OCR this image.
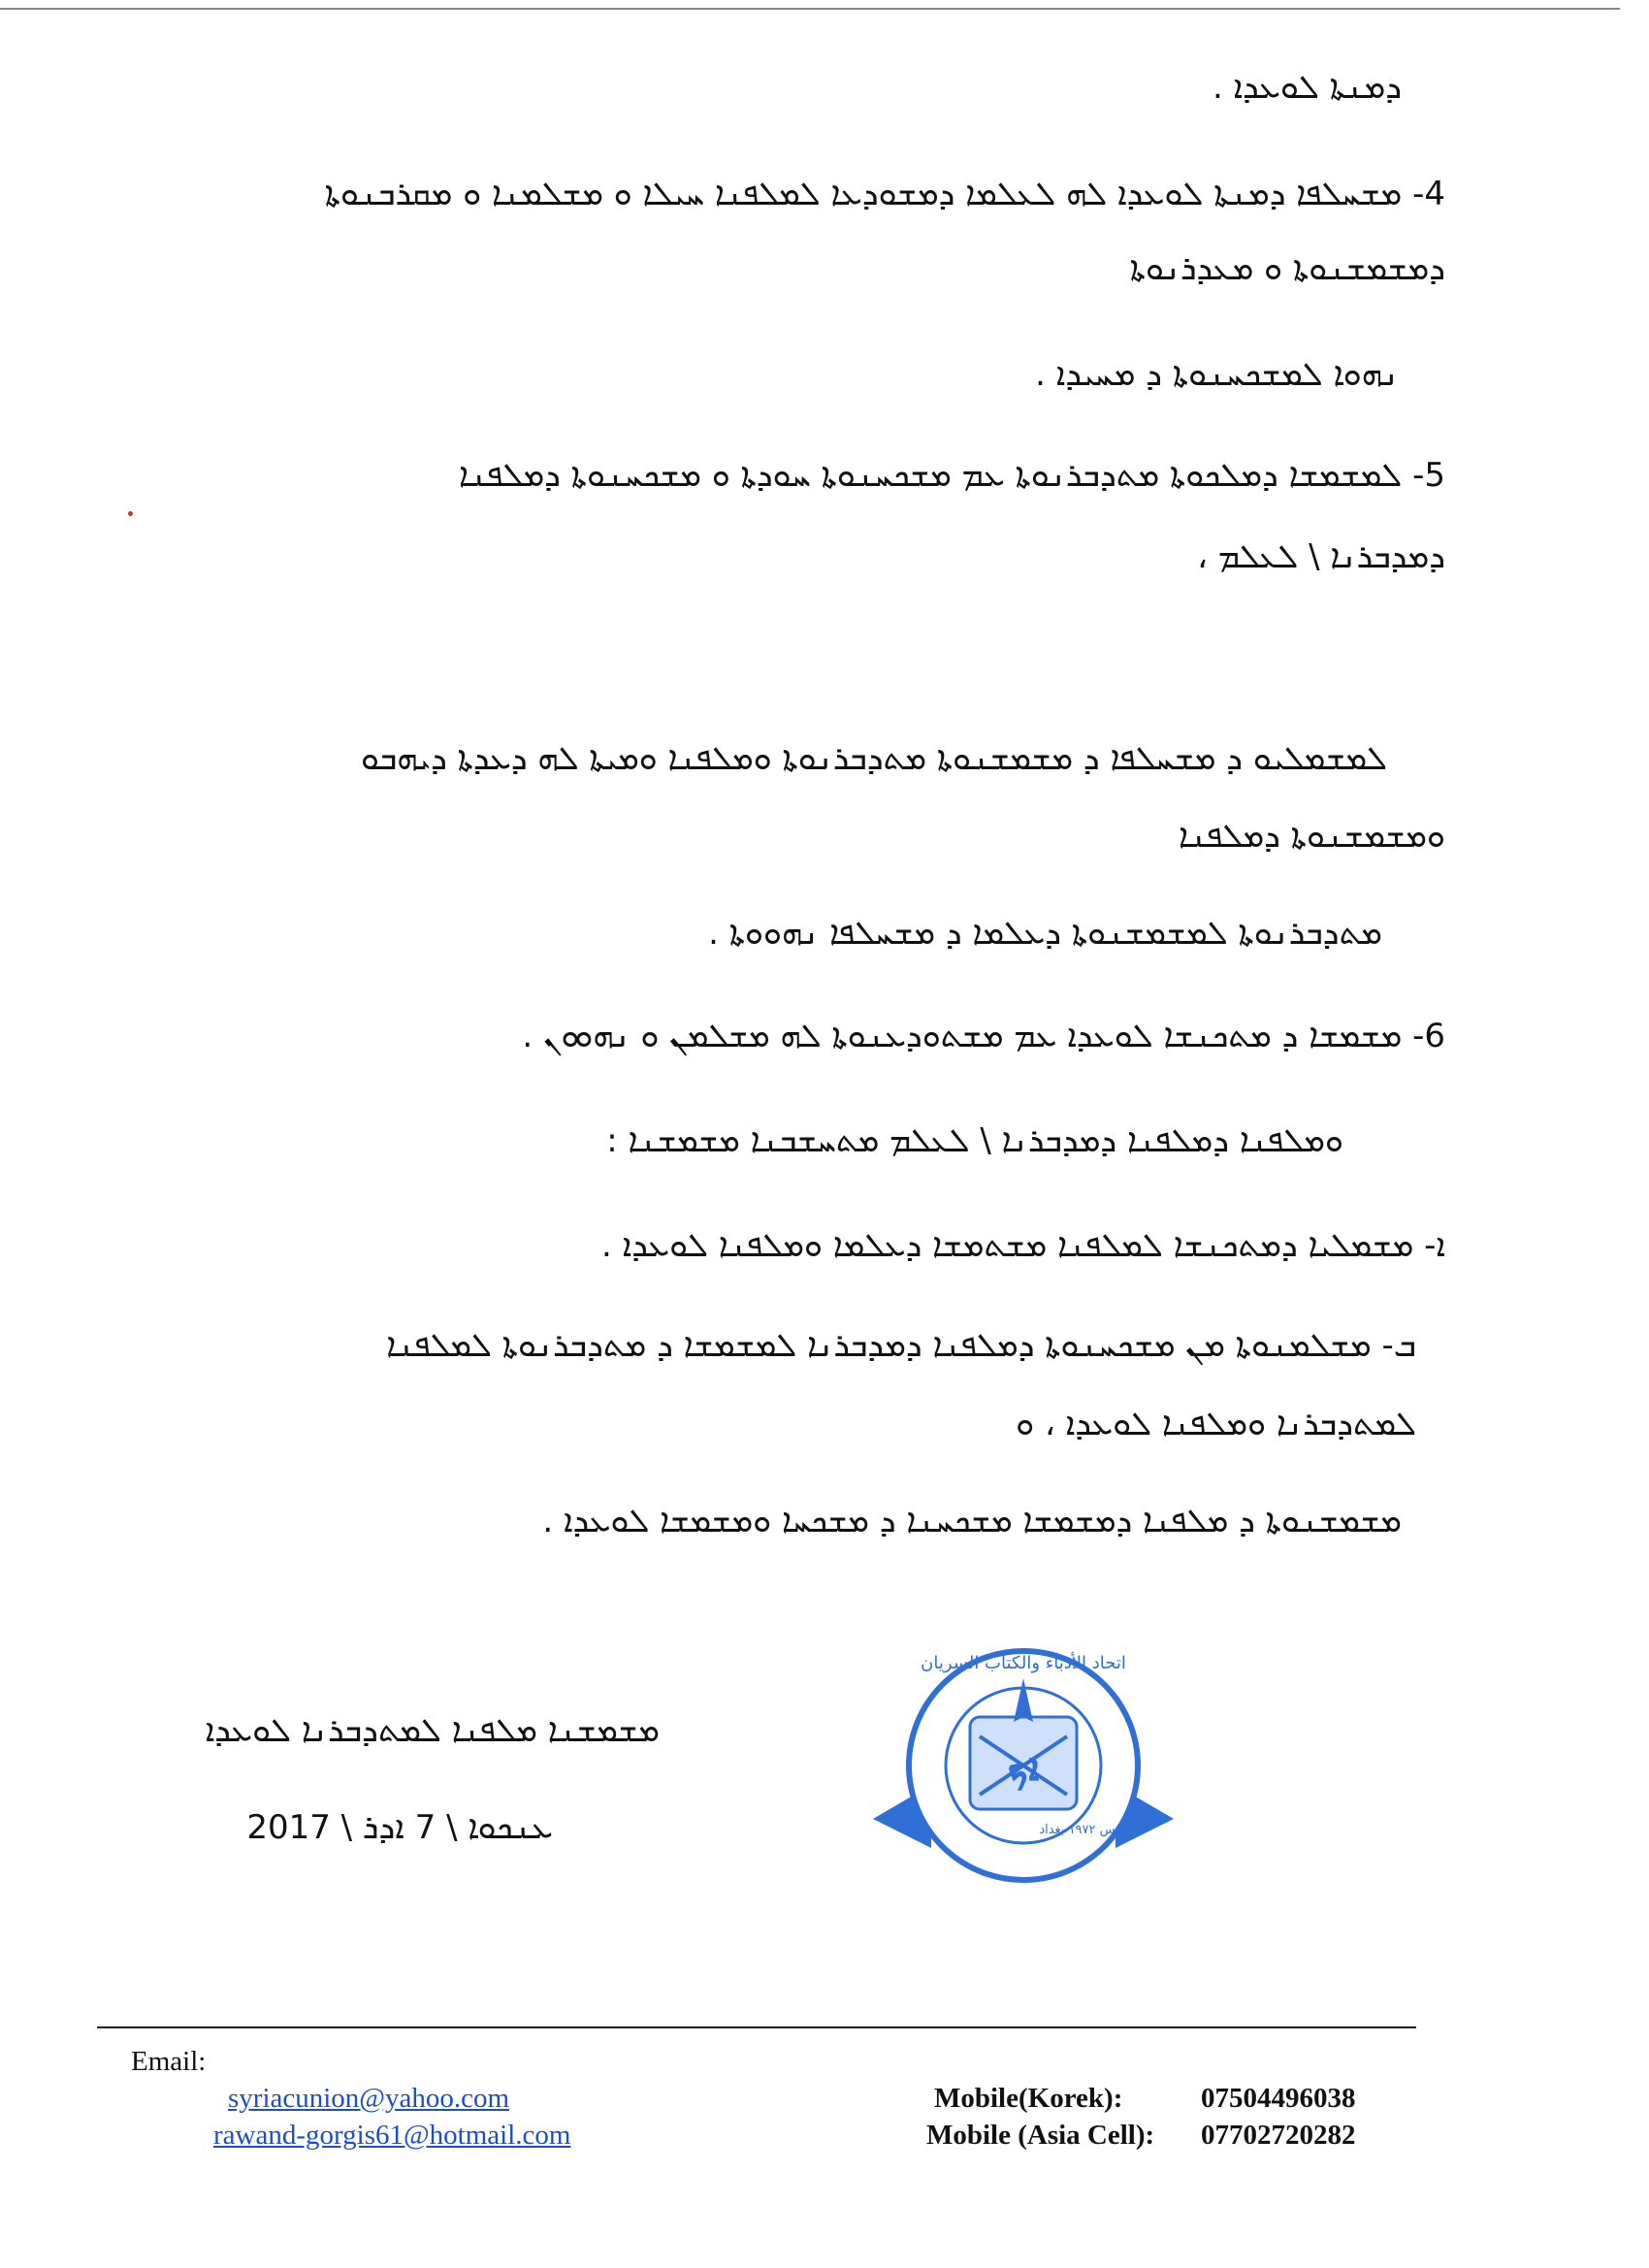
ܕܡܢܬܐ ܠܘܥܕܐ .
4- ܡܫܚܠܦܐ ܕܡܢܬܐ ܠܘܥܕܐ ܠܗ ܠܥܠܡܐ ܕܡܫܘܕܥܐ ܠܡܠܦܢܐ ܚܝܠܐ ܘ ܡܫܠܡܢܐ ܘ ܡܩܪܒܢܘܬܐ
ܕܡܫܡܫܢܘܬܐ ܘ ܡܥܕܪܢܘܬܐ
ܢܗܘܐ ܠܡܫܟܚܢܘܬܐ ܕ ܡܚܝܕܐ .
5- ܠܡܫܡܫܐ ܕܡܠܟܘܬܐ ܡܬܕܒܪܢܘܬܐ ܥܡ ܡܫܟܚܢܘܬܐ ܚܘܕܬܐ ܘ ܡܫܟܚܢܘܬܐ ܕܡܠܦܢܐ
ܕܡܕܒܪܢܐ \ ܠܥܠܡ ،
ܠܡܫܡܠܝܘ ܕ ܡܫܚܠܦܐ ܕ ܡܫܡܫܢܘܬܐ ܡܬܕܒܪܢܘܬܐ ܘܡܠܦܢܐ ܘܡܝܬܐ ܠܗ ܕܥܕܬܐ ܕܝܗܒܘ
ܘܡܫܡܫܢܘܬܐ ܕܡܠܦܢܐ
ܡܬܕܒܪܢܘܬܐ ܠܡܫܡܫܢܘܬܐ ܕܥܠܡܐ ܕ ܡܫܚܠܦܐ ܢܗܘܘܬܐ .
6- ܡܫܡܫܐ ܕ ܡܬܟܢܫܐ ܠܘܥܕܐ ܥܡ ܡܫܬܘܕܥܢܘܬܐ ܠܗ ܡܫܠܡܢ ܘ ܢܗܘܘܢ .
ܘܡܠܦܢܐ ܕܡܠܦܢܐ ܕܡܕܒܪܢܐ \ ܠܥܠܡ ܡܬܚܫܒܢܐ ܡܫܡܫܢܐ :
ܐ- ܡܫܡܠܝܐ ܕܡܬܟܢܫܐ ܠܡܠܦܢܐ ܡܫܬܡܫܐ ܕܥܠܡܐ ܘܡܠܦܢܐ ܠܘܥܕܐ .
ܒ- ܡܫܠܡܢܘܬܐ ܡܢ ܡܫܟܚܢܘܬܐ ܕܡܠܦܢܐ ܕܡܕܒܪܢܐ ܠܡܫܡܫܐ ܕ ܡܬܕܒܪܢܘܬܐ ܠܡܠܦܢܐ
ܠܡܬܕܒܪܢܐ ܘܡܠܦܢܐ ܠܘܥܕܐ ، ܘ
ܡܫܡܫܢܘܬܐ ܕ ܡܠܦܢܐ ܕܡܫܡܫܐ ܡܫܟܚܢܐ ܕ ܡܫܟܚܐ ܘܡܫܡܫܐ ܠܘܥܕܐ .
ܡܫܡܫܢܐ ܡܠܦܢܐ ܠܡܬܕܒܪܢܐ ܠܘܥܕܐ
ܥܢܟܘܐ \ 7 ܐܕܪ \ 2017
اتحاد الأدباء والكتاب السريان
تأسس ١٩٧٢ بغداد
ܐܟ
Email:
syriacunion@yahoo.com
rawand-gorgis61@hotmail.com
Mobile(Korek):	07504496038
Mobile (Asia Cell): 07702720282
